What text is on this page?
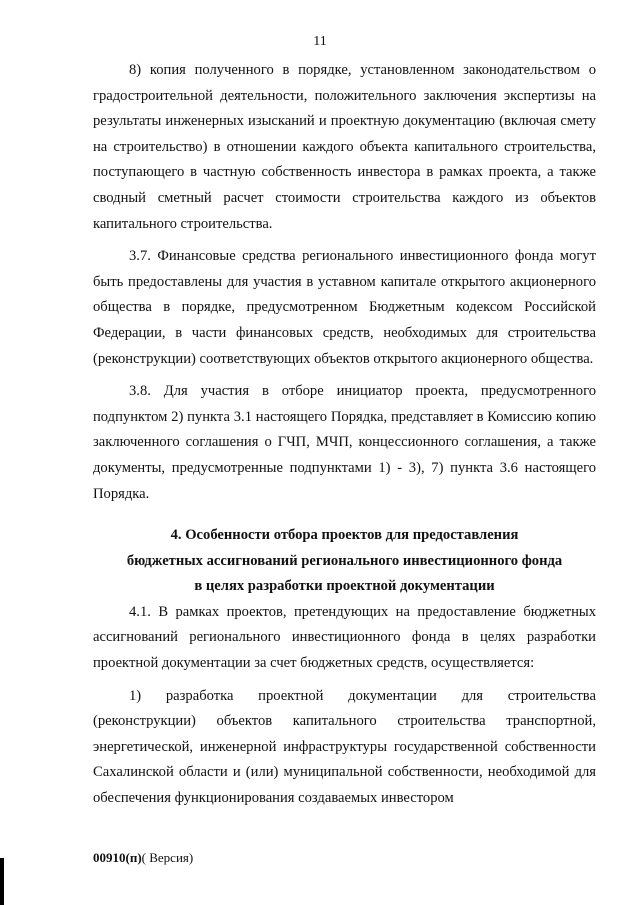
11

8) копия полученного в порядке, установленном законодательством о градостроительной деятельности, положительного заключения экспертизы на результаты инженерных изысканий и проектную документацию (включая смету на строительство) в отношении каждого объекта капитального строительства, поступающего в частную собственность инвестора в рамках проекта, а также сводный сметный расчет стоимости строительства каждого из объектов капитального строительства.

3.7. Финансовые средства регионального инвестиционного фонда могут быть предоставлены для участия в уставном капитале открытого акционерного общества в порядке, предусмотренном Бюджетным кодексом Российской Федерации, в части финансовых средств, необходимых для строительства (реконструкции) соответствующих объектов открытого акционерного общества.

3.8. Для участия в отборе инициатор проекта, предусмотренного подпунктом 2) пункта 3.1 настоящего Порядка, представляет в Комиссию копию заключенного соглашения о ГЧП, МЧП, концессионного соглашения, а также документы, предусмотренные подпунктами 1) - 3), 7) пункта 3.6 настоящего Порядка.

4. Особенности отбора проектов для предоставления
бюджетных ассигнований регионального инвестиционного фонда
в целях разработки проектной документации

4.1. В рамках проектов, претендующих на предоставление бюджетных ассигнований регионального инвестиционного фонда в целях разработки проектной документации за счет бюджетных средств, осуществляется:

1) разработка проектной документации для строительства (реконструкции) объектов капитального строительства транспортной, энергетической, инженерной инфраструктуры государственной собственности Сахалинской области и (или) муниципальной собственности, необходимой для обеспечения функционирования создаваемых инвестором

00910(п)( Версия)
